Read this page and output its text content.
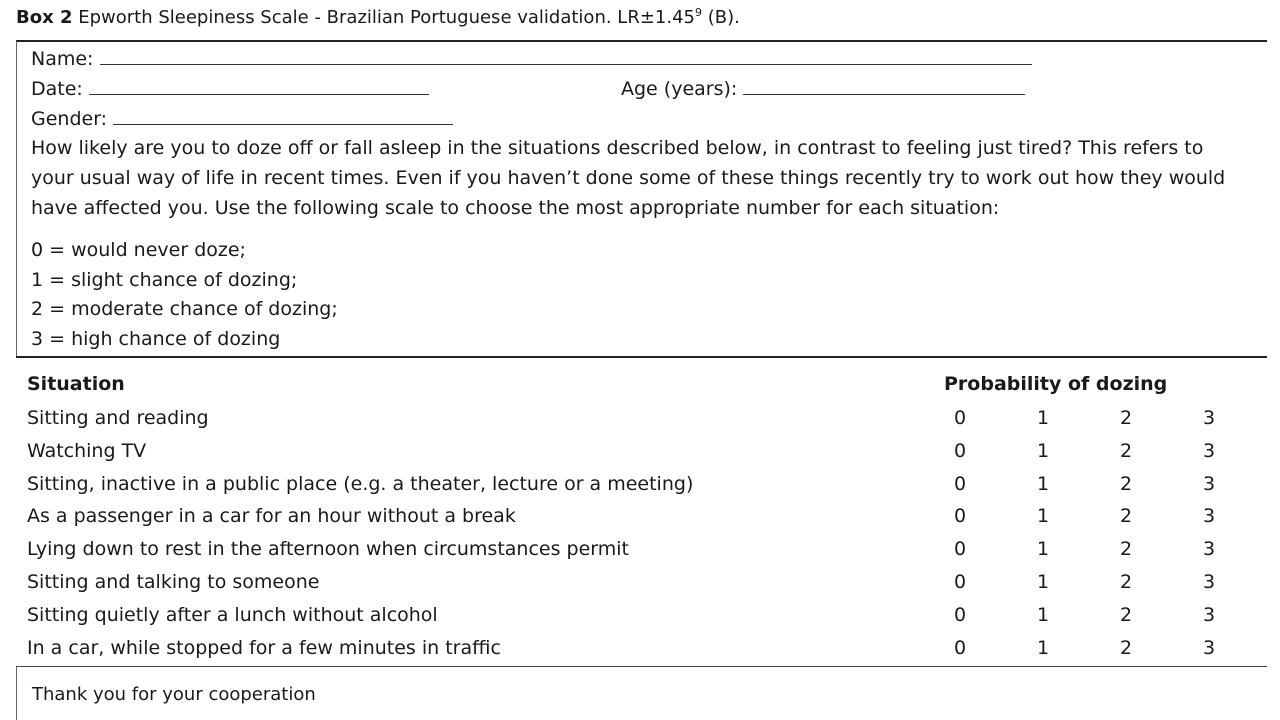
Box 2 Epworth Sleepiness Scale - Brazilian Portuguese validation. $LR\pm 1.45^9$ (B).
Name:
Date:	Age (years):
Gender:
How likely are you to doze off or fall asleep in the situations described below, in contrast to feeling just tired? This refers to your usual way of life in recent times. Even if you haven’t done some of these things recently try to work out how they would have affected you. Use the following scale to choose the most appropriate number for each situation:
0 = would never doze;
1 = slight chance of dozing;
2 = moderate chance of dozing;
3 = high chance of dozing
Situation	Probability of dozing
Sitting and reading	0	1	2	3
Watching TV	0	1	2	3
Sitting, inactive in a public place (e.g. a theater, lecture or a meeting)	0	1	2	3
As a passenger in a car for an hour without a break	0	1	2	3
Lying down to rest in the afternoon when circumstances permit	0	1	2	3
Sitting and talking to someone	0	1	2	3
Sitting quietly after a lunch without alcohol	0	1	2	3
In a car, while stopped for a few minutes in traffic	0	1	2	3
Thank you for your cooperation
